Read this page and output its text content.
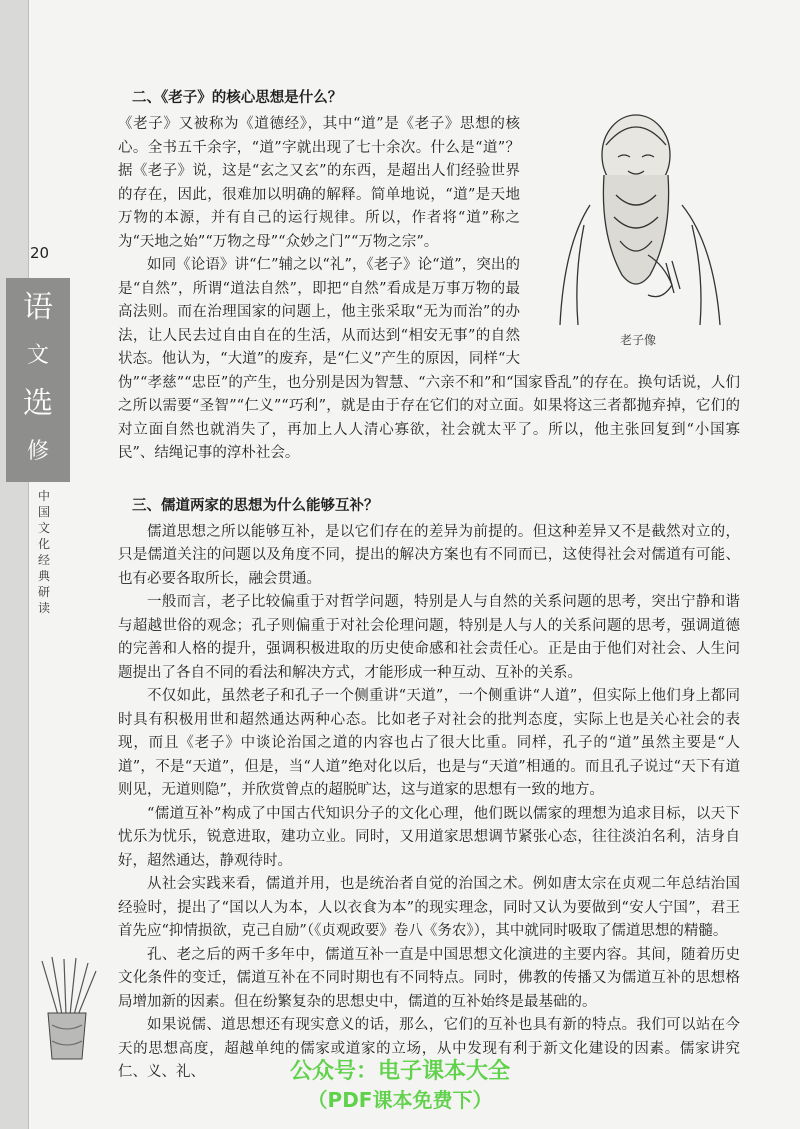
20
语
文
选
修
中国文化经典研读
二、《老子》的核心思想是什么？
老子像

《老子》又被称为《道德经》，其中“道”是《老子》思想的核心。全书五千余字，“道”字就出现了七十余次。什么是“道”？据《老子》说，这是“玄之又玄”的东西，是超出人们经验世界的存在，因此，很难加以明确的解释。简单地说，“道”是天地万物的本源，并有自己的运行规律。所以，作者将“道”称之为“天地之始”“万物之母”“众妙之门”“万物之宗”。

如同《论语》讲“仁”辅之以“礼”，《老子》论“道”，突出的是“自然”，所谓“道法自然”，即把“自然”看成是万事万物的最高法则。而在治理国家的问题上，他主张采取“无为而治”的办法，让人民去过自由自在的生活，从而达到“相安无事”的自然状态。他认为，“大道”的废弃，是“仁义”产生的原因，同样“大伪”“孝慈”“忠臣”的产生，也分别是因为智慧、“六亲不和”和“国家昏乱”的存在。换句话说，人们之所以需要“圣智”“仁义”“巧利”，就是由于存在它们的对立面。如果将这三者都抛弃掉，它们的对立面自然也就消失了，再加上人人清心寡欲，社会就太平了。所以，他主张回复到“小国寡民”、结绳记事的淳朴社会。

三、儒道两家的思想为什么能够互补？

儒道思想之所以能够互补，是以它们存在的差异为前提的。但这种差异又不是截然对立的，只是儒道关注的问题以及角度不同，提出的解决方案也有不同而已，这使得社会对儒道有可能、也有必要各取所长，融会贯通。

一般而言，老子比较偏重于对哲学问题，特别是人与自然的关系问题的思考，突出宁静和谐与超越世俗的观念；孔子则偏重于对社会伦理问题，特别是人与人的关系问题的思考，强调道德的完善和人格的提升，强调积极进取的历史使命感和社会责任心。正是由于他们对社会、人生问题提出了各自不同的看法和解决方式，才能形成一种互动、互补的关系。

不仅如此，虽然老子和孔子一个侧重讲“天道”，一个侧重讲“人道”，但实际上他们身上都同时具有积极用世和超然通达两种心态。比如老子对社会的批判态度，实际上也是关心社会的表现，而且《老子》中谈论治国之道的内容也占了很大比重。同样，孔子的“道”虽然主要是“人道”，不是“天道”，但是，当“人道”绝对化以后，也是与“天道”相通的。而且孔子说过“天下有道则见，无道则隐”，并欣赏曾点的超脱旷达，这与道家的思想有一致的地方。

“儒道互补”构成了中国古代知识分子的文化心理，他们既以儒家的理想为追求目标，以天下忧乐为忧乐，锐意进取，建功立业。同时，又用道家思想调节紧张心态，往往淡泊名利，洁身自好，超然通达，静观待时。

从社会实践来看，儒道并用，也是统治者自觉的治国之术。例如唐太宗在贞观二年总结治国经验时，提出了“国以人为本，人以衣食为本”的现实理念，同时又认为要做到“安人宁国”，君王首先应“抑情损欲，克己自励”（《贞观政要》卷八《务农》），其中就同时吸取了儒道思想的精髓。

孔、老之后的两千多年中，儒道互补一直是中国思想文化演进的主要内容。其间，随着历史文化条件的变迁，儒道互补在不同时期也有不同特点。同时，佛教的传播又为儒道互补的思想格局增加新的因素。但在纷繁复杂的思想史中，儒道的互补始终是最基础的。

如果说儒、道思想还有现实意义的话，那么，它们的互补也具有新的特点。我们可以站在今天的思想高度，超越单纯的儒家或道家的立场，从中发现有利于新文化建设的因素。儒家讲究仁、义、礼、	公众号：电子课本大全
（PDF课本免费下）
